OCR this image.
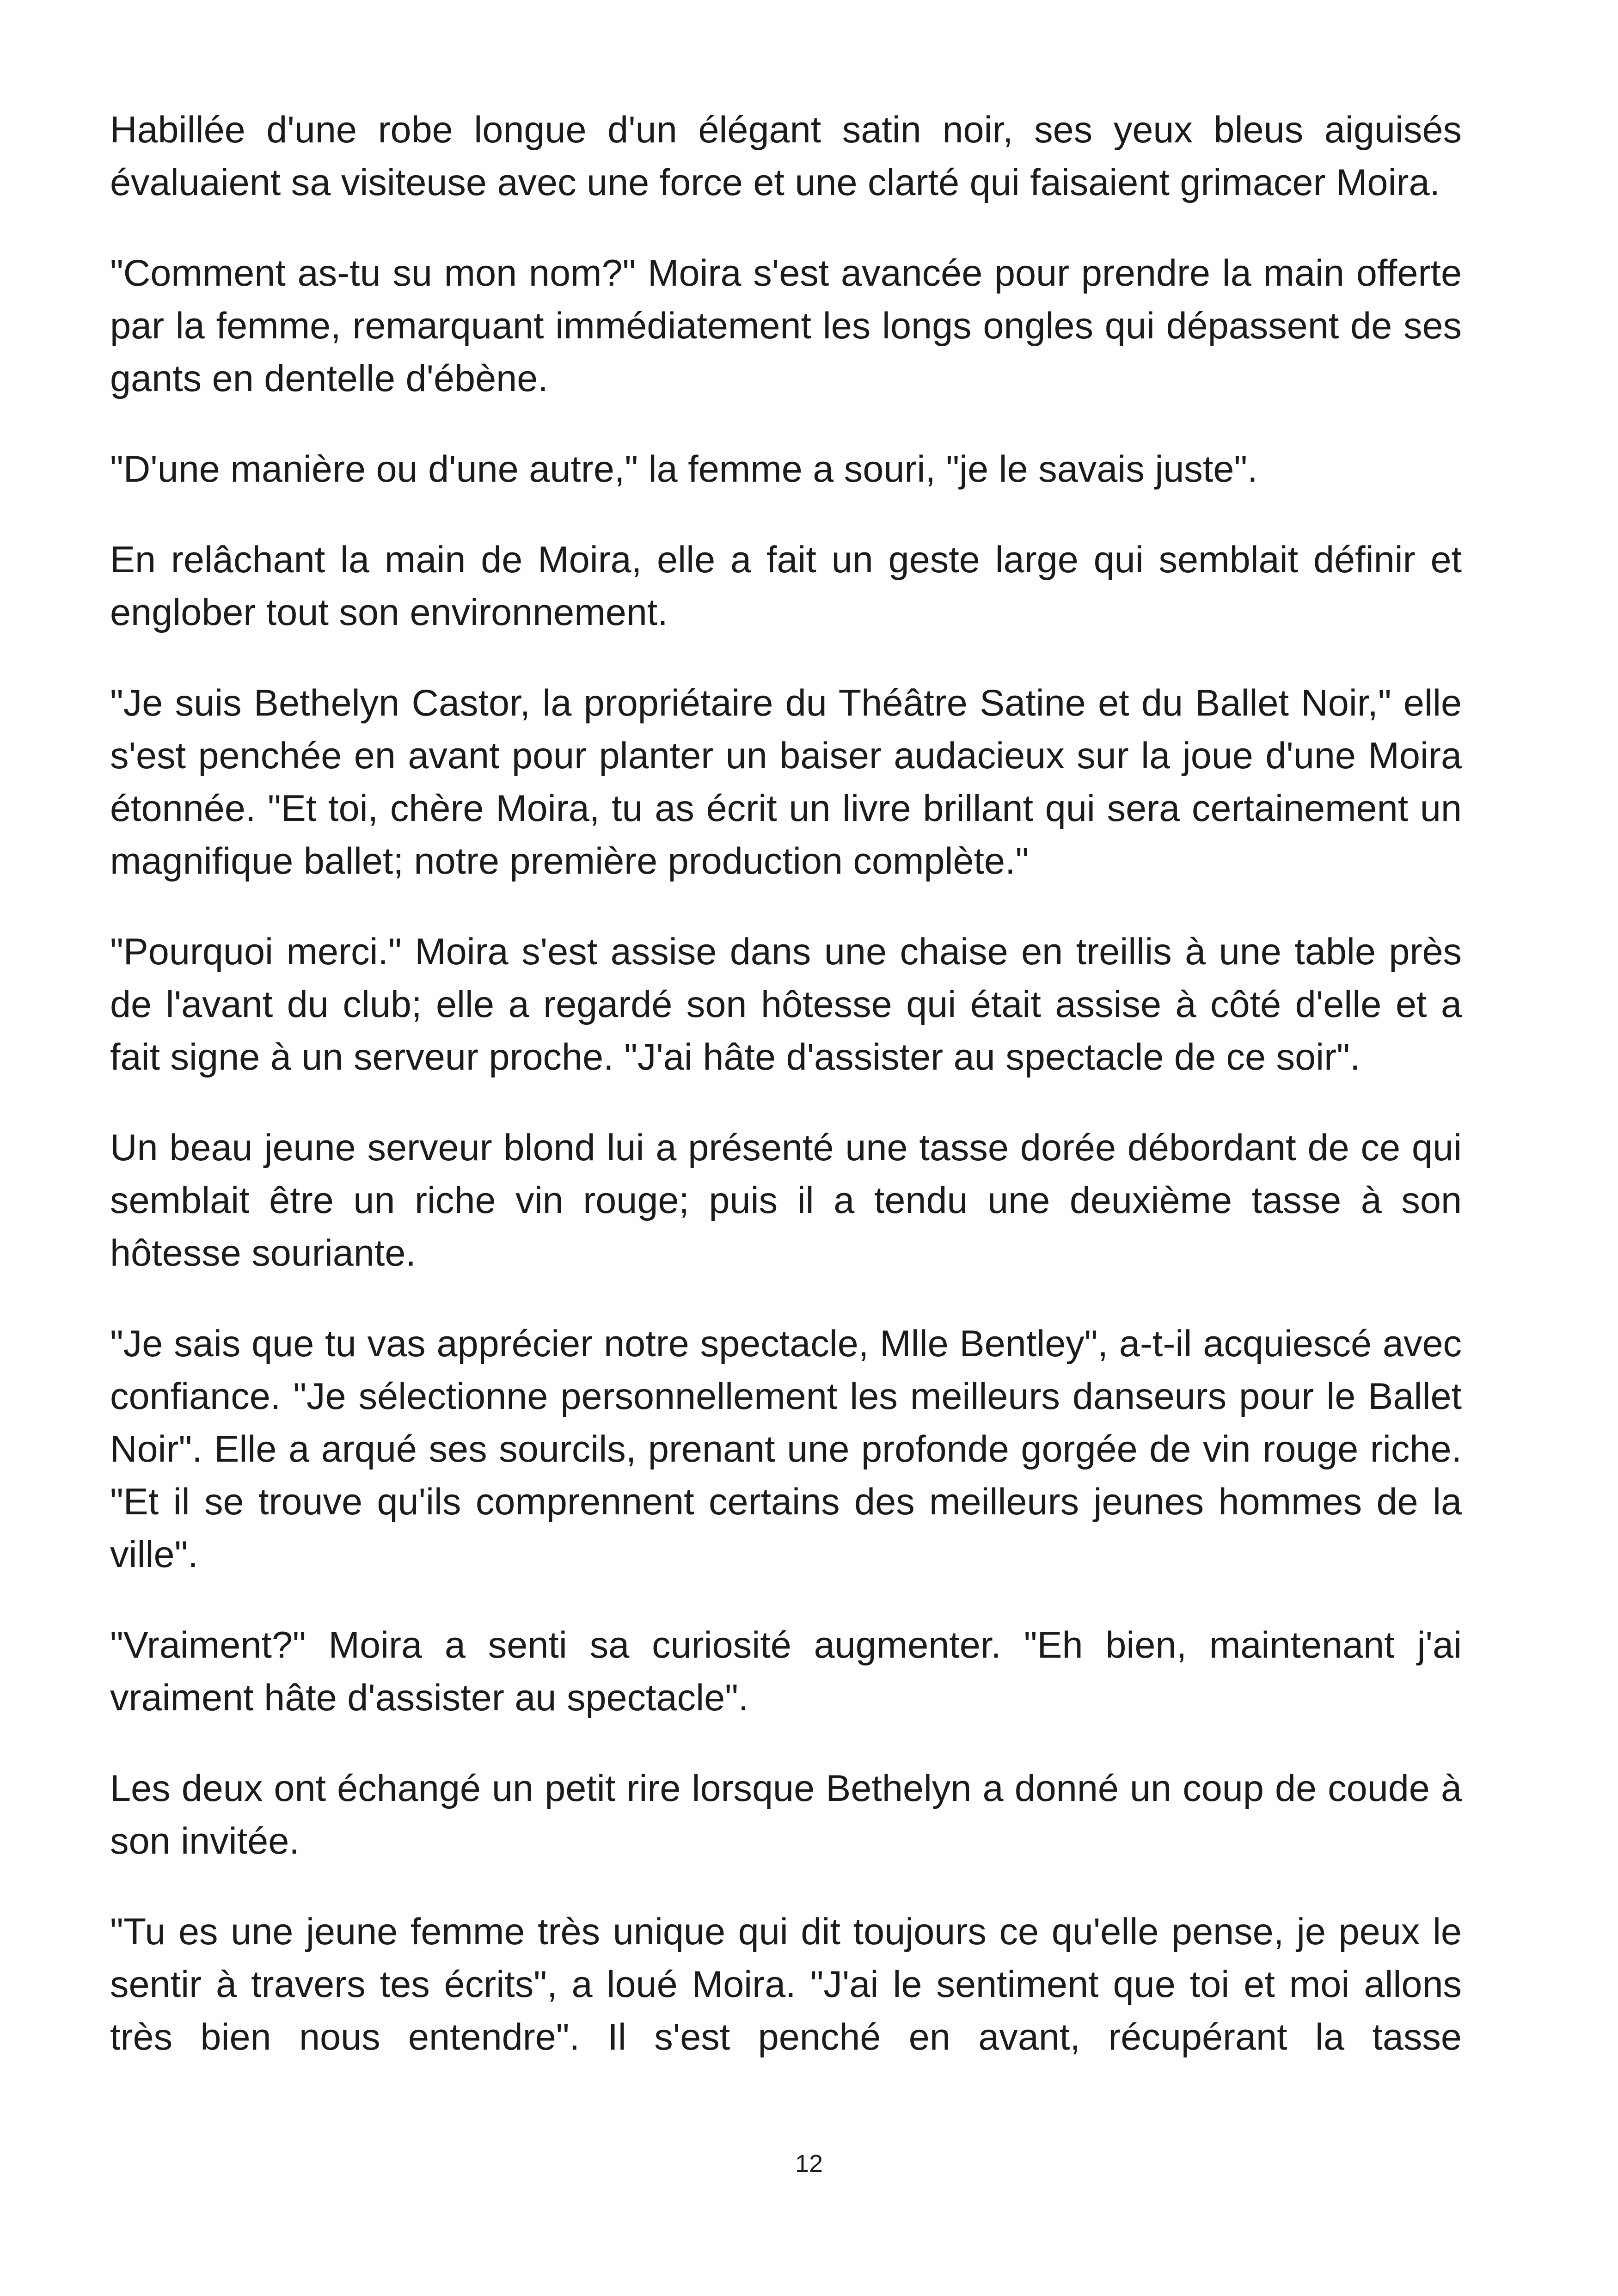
Habillée d'une robe longue d'un élégant satin noir, ses yeux bleus aiguisés évaluaient sa visiteuse avec une force et une clarté qui faisaient grimacer Moira.

"Comment as-tu su mon nom?" Moira s'est avancée pour prendre la main offerte par la femme, remarquant immédiatement les longs ongles qui dépassent de ses gants en dentelle d'ébène.

"D'une manière ou d'une autre," la femme a souri, "je le savais juste".

En relâchant la main de Moira, elle a fait un geste large qui semblait définir et englober tout son environnement.

"Je suis Bethelyn Castor, la propriétaire du Théâtre Satine et du Ballet Noir," elle s'est penchée en avant pour planter un baiser audacieux sur la joue d'une Moira étonnée. "Et toi, chère Moira, tu as écrit un livre brillant qui sera certainement un magnifique ballet; notre première production complète."

"Pourquoi merci." Moira s'est assise dans une chaise en treillis à une table près de l'avant du club; elle a regardé son hôtesse qui était assise à côté d'elle et a fait signe à un serveur proche. "J'ai hâte d'assister au spectacle de ce soir".

Un beau jeune serveur blond lui a présenté une tasse dorée débordant de ce qui semblait être un riche vin rouge; puis il a tendu une deuxième tasse à son hôtesse souriante.

"Je sais que tu vas apprécier notre spectacle, Mlle Bentley", a-t-il acquiescé avec confiance. "Je sélectionne personnellement les meilleurs danseurs pour le Ballet Noir". Elle a arqué ses sourcils, prenant une profonde gorgée de vin rouge riche. "Et il se trouve qu'ils comprennent certains des meilleurs jeunes hommes de la ville".

"Vraiment?" Moira a senti sa curiosité augmenter. "Eh bien, maintenant j'ai vraiment hâte d'assister au spectacle".

Les deux ont échangé un petit rire lorsque Bethelyn a donné un coup de coude à son invitée.

"Tu es une jeune femme très unique qui dit toujours ce qu'elle pense, je peux le sentir à travers tes écrits", a loué Moira. "J'ai le sentiment que toi et moi allons très bien nous entendre". Il s'est penché en avant, récupérant la tasse

12
